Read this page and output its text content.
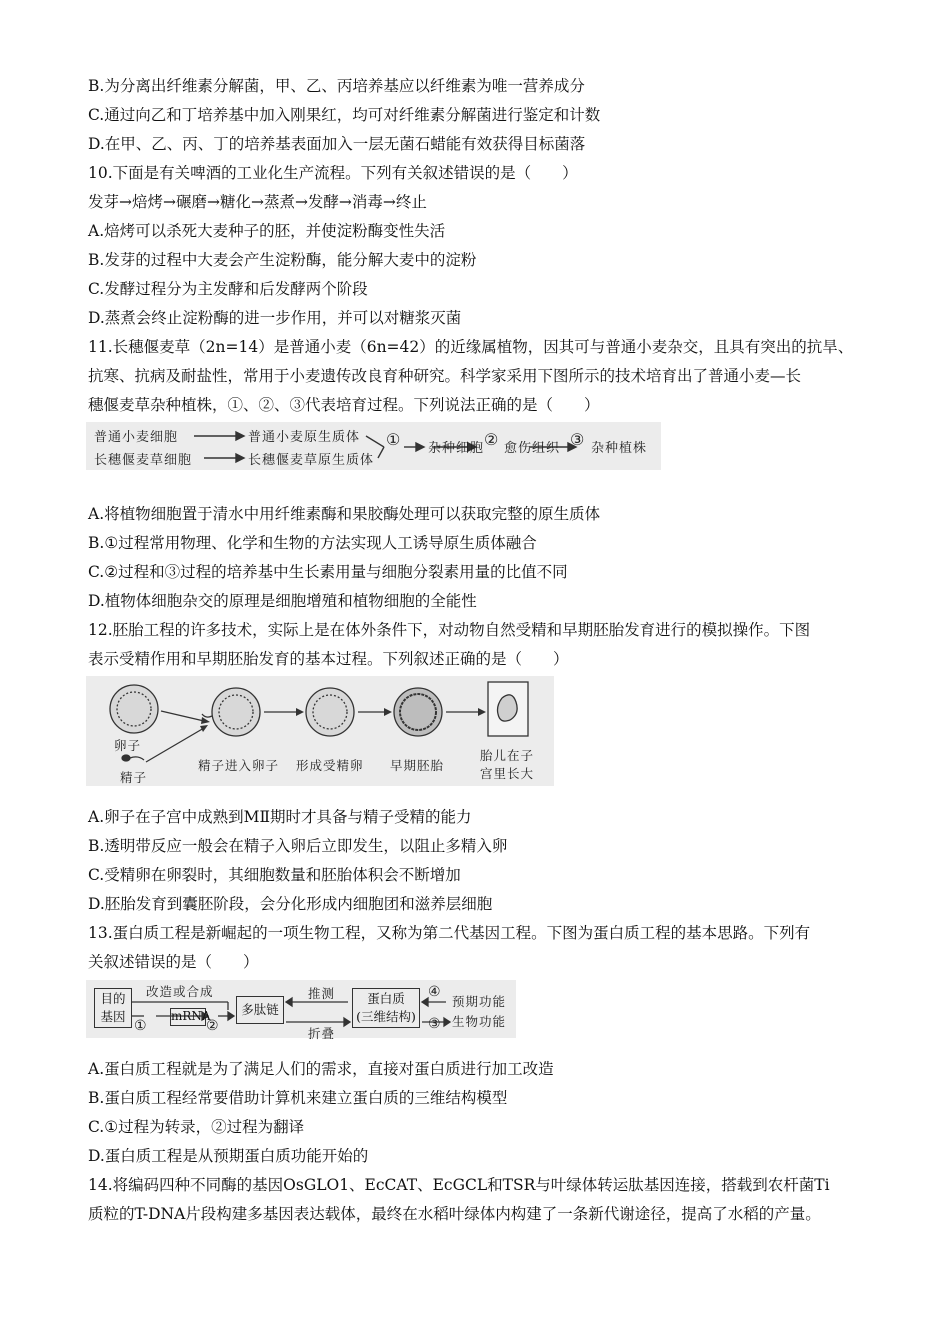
B.为分离出纤维素分解菌，甲、乙、丙培养基应以纤维素为唯一营养成分
C.通过向乙和丁培养基中加入刚果红，均可对纤维素分解菌进行鉴定和计数
D.在甲、乙、丙、丁的培养基表面加入一层无菌石蜡能有效获得目标菌落
10.下面是有关啤酒的工业化生产流程。下列有关叙述错误的是（　　）
发芽→焙烤→碾磨→糖化→蒸煮→发酵→消毒→终止
A.焙烤可以杀死大麦种子的胚，并使淀粉酶变性失活
B.发芽的过程中大麦会产生淀粉酶，能分解大麦中的淀粉
C.发酵过程分为主发酵和后发酵两个阶段
D.蒸煮会终止淀粉酶的进一步作用，并可以对糖浆灭菌
11.长穗偃麦草（2n=14）是普通小麦（6n=42）的近缘属植物，因其可与普通小麦杂交，且具有突出的抗旱、
抗寒、抗病及耐盐性，常用于小麦遗传改良育种研究。科学家采用下图所示的技术培育出了普通小麦—长
穗偃麦草杂种植株，①、②、③代表培育过程。下列说法正确的是（　　）
普通小麦细胞
长穗偃麦草细胞
普通小麦原生质体
长穗偃麦草原生质体
① 杂种细胞 ② 愈伤组织 ③ 杂种植株
A.将植物细胞置于清水中用纤维素酶和果胶酶处理可以获取完整的原生质体
B.①过程常用物理、化学和生物的方法实现人工诱导原生质体融合
C.②过程和③过程的培养基中生长素用量与细胞分裂素用量的比值不同
D.植物体细胞杂交的原理是细胞增殖和植物细胞的全能性
12.胚胎工程的许多技术，实际上是在体外条件下，对动物自然受精和早期胚胎发育进行的模拟操作。下图
表示受精作用和早期胚胎发育的基本过程。下列叙述正确的是（　　）
卵子
精子
精子进入卵子 形成受精卵 早期胚胎
胎儿在子
宫里长大
A.卵子在子宫中成熟到MⅡ期时才具备与精子受精的能力
B.透明带反应一般会在精子入卵后立即发生，以阻止多精入卵
C.受精卵在卵裂时，其细胞数量和胚胎体积会不断增加
D.胚胎发育到囊胚阶段，会分化形成内细胞团和滋养层细胞
13.蛋白质工程是新崛起的一项生物工程，又称为第二代基因工程。下图为蛋白质工程的基本思路。下列有
关叙述错误的是（　　）
目的
基因
改造或合成
①
mRNA
②
多肽链
推测
折叠
蛋白质
(三维结构)
④
③
预期功能
生物功能
A.蛋白质工程就是为了满足人们的需求，直接对蛋白质进行加工改造
B.蛋白质工程经常要借助计算机来建立蛋白质的三维结构模型
C.①过程为转录，②过程为翻译
D.蛋白质工程是从预期蛋白质功能开始的
14.将编码四种不同酶的基因OsGLO1、EcCAT、EcGCL和TSR与叶绿体转运肽基因连接，搭载到农杆菌Ti
质粒的T-DNA片段构建多基因表达载体，最终在水稻叶绿体内构建了一条新代谢途径，提高了水稻的产量。
